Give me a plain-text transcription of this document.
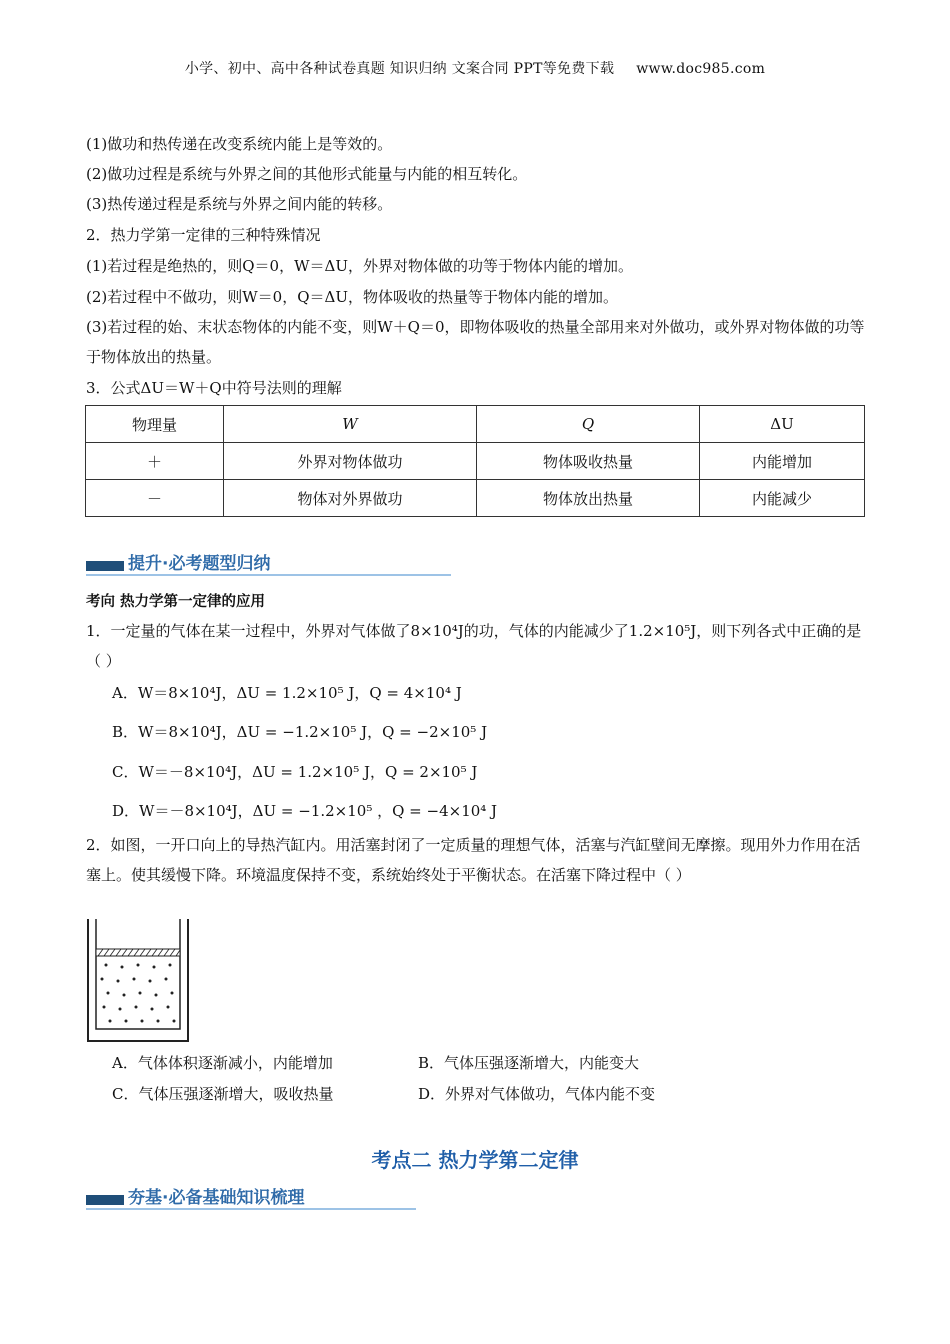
小学、初中、高中各种试卷真题 知识归纳 文案合同 PPT等免费下载 www.doc985.com
(1)做功和热传递在改变系统内能上是等效的。
(2)做功过程是系统与外界之间的其他形式能量与内能的相互转化。
(3)热传递过程是系统与外界之间内能的转移。
2．热力学第一定律的三种特殊情况
(1)若过程是绝热的，则Q＝0，W＝ΔU，外界对物体做的功等于物体内能的增加。
(2)若过程中不做功，则W＝0，Q＝ΔU，物体吸收的热量等于物体内能的增加。
(3)若过程的始、末状态物体的内能不变，则W＋Q＝0，即物体吸收的热量全部用来对外做功，或外界对物体做的功等于物体放出的热量。
3．公式ΔU＝W＋Q中符号法则的理解
物理量	W	Q	ΔU
＋	外界对物体做功	物体吸收热量	内能增加
－	物体对外界做功	物体放出热量	内能减少
提升·必考题型归纳
考向 热力学第一定律的应用
1．一定量的气体在某一过程中，外界对气体做了8×10⁴J的功，气体的内能减少了1.2×10⁵J，则下列各式中正确的是（ ）
A．W＝8×10⁴J，ΔU = 1.2×10⁵ J，Q = 4×10⁴ J
B．W＝8×10⁴J，ΔU = −1.2×10⁵ J，Q = −2×10⁵ J
C．W＝－8×10⁴J，ΔU = 1.2×10⁵ J，Q = 2×10⁵ J
D．W＝－8×10⁴J，ΔU = −1.2×10⁵ ，Q = −4×10⁴ J
2．如图，一开口向上的导热汽缸内。用活塞封闭了一定质量的理想气体，活塞与汽缸壁间无摩擦。现用外力作用在活塞上。使其缓慢下降。环境温度保持不变，系统始终处于平衡状态。在活塞下降过程中（ ）
A．气体体积逐渐减小，内能增加	B．气体压强逐渐增大，内能变大
C．气体压强逐渐增大，吸收热量	D．外界对气体做功，气体内能不变
考点二 热力学第二定律
夯基·必备基础知识梳理
